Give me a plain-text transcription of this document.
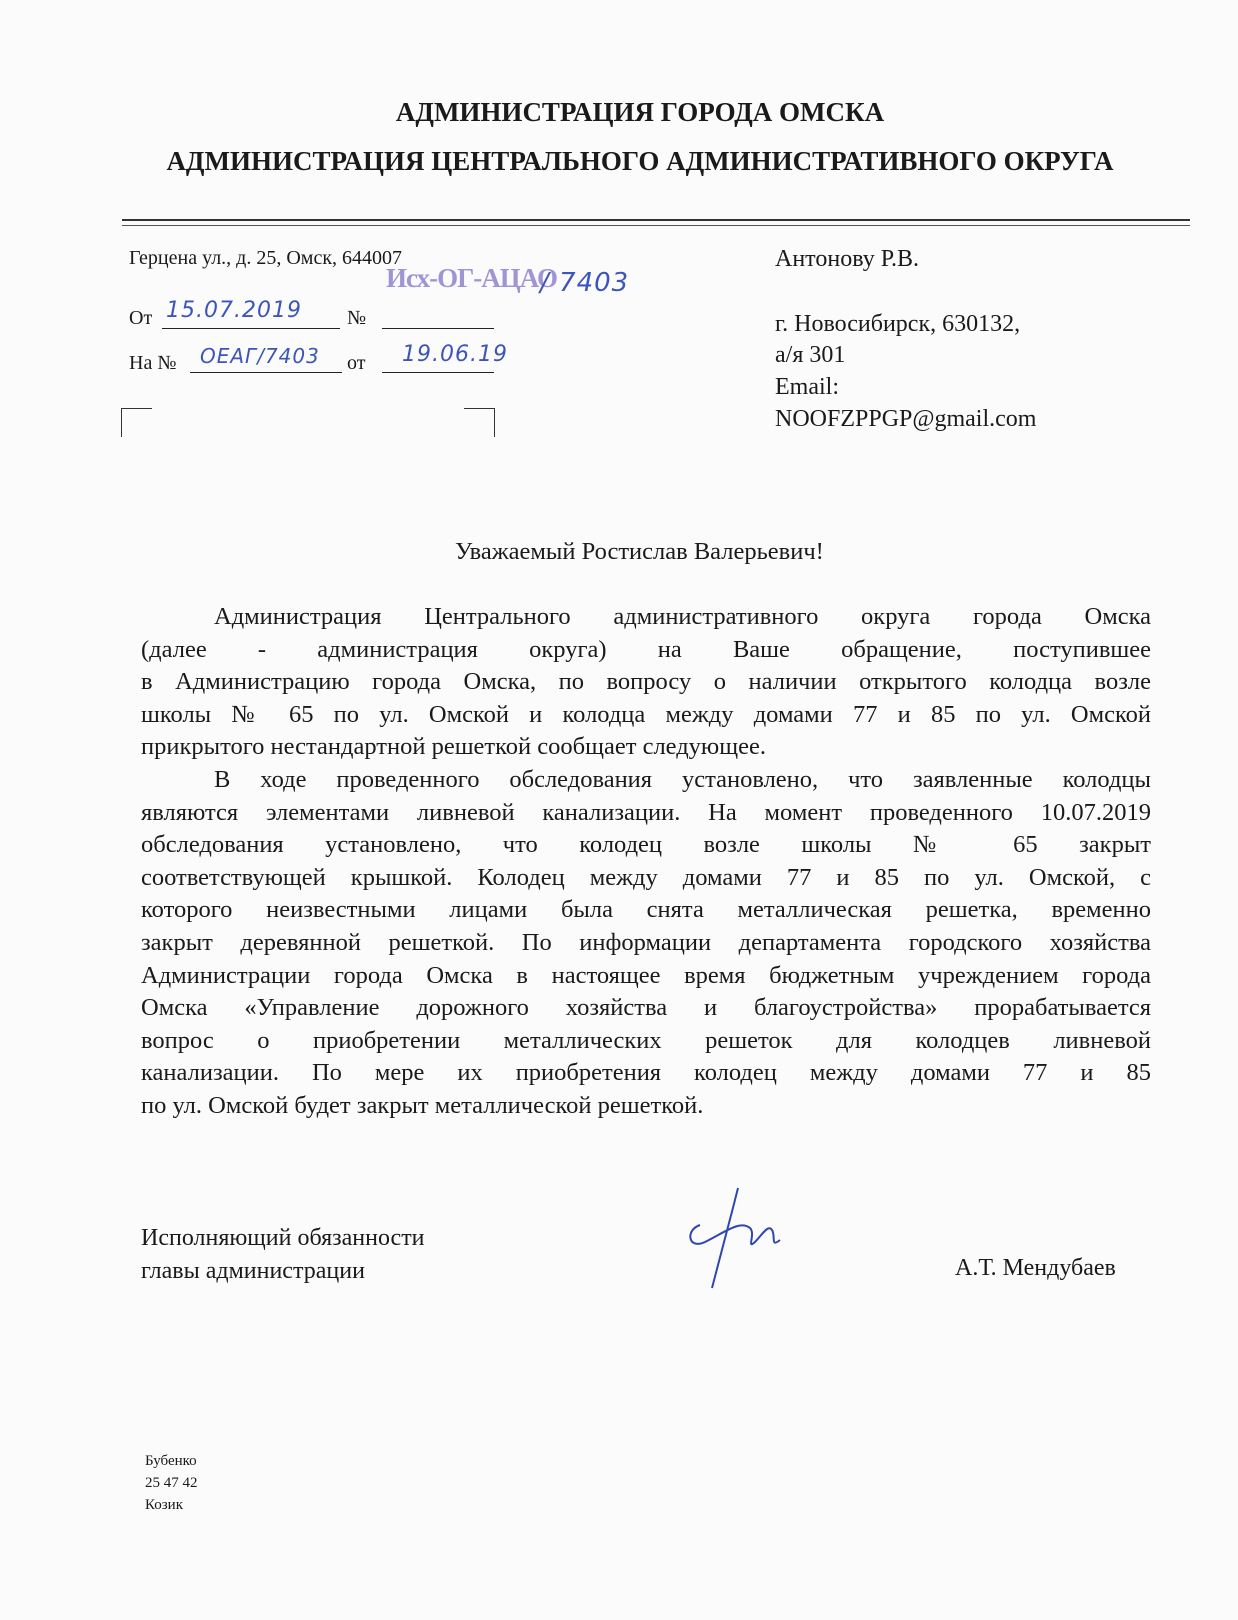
АДМИНИСТРАЦИЯ ГОРОДА ОМСКА
АДМИНИСТРАЦИЯ ЦЕНТРАЛЬНОГО АДМИНИСТРАТИВНОГО ОКРУГА
Герцена ул., д. 25, Омск, 644007
Исх-ОГ-АЦАО
/ 7403
От 15.07.2019 №
На № ОЕАГ/7403 от 19.06.19
Антонову Р.В.
г. Новосибирск, 630132,
а/я 301
Email:
NOOFZPPGP@gmail.com
Уважаемый Ростислав Валерьевич!
Администрация Центрального административного округа города Омска
(далее - администрация округа) на Ваше обращение, поступившее
в Администрацию города Омска, по вопросу о наличии открытого колодца возле
школы № 65 по ул. Омской и колодца между домами 77 и 85 по ул. Омской
прикрытого нестандартной решеткой сообщает следующее.
В ходе проведенного обследования установлено, что заявленные колодцы
являются элементами ливневой канализации. На момент проведенного 10.07.2019
обследования установлено, что колодец возле школы № 65 закрыт
соответствующей крышкой. Колодец между домами 77 и 85 по ул. Омской, с
которого неизвестными лицами была снята металлическая решетка, временно
закрыт деревянной решеткой. По информации департамента городского хозяйства
Администрации города Омска в настоящее время бюджетным учреждением города
Омска «Управление дорожного хозяйства и благоустройства» прорабатывается
вопрос о приобретении металлических решеток для колодцев ливневой
канализации. По мере их приобретения колодец между домами 77 и 85
по ул. Омской будет закрыт металлической решеткой.
Исполняющий обязанности
главы администрации	А.Т. Мендубаев
Бубенко
25 47 42
Козик
